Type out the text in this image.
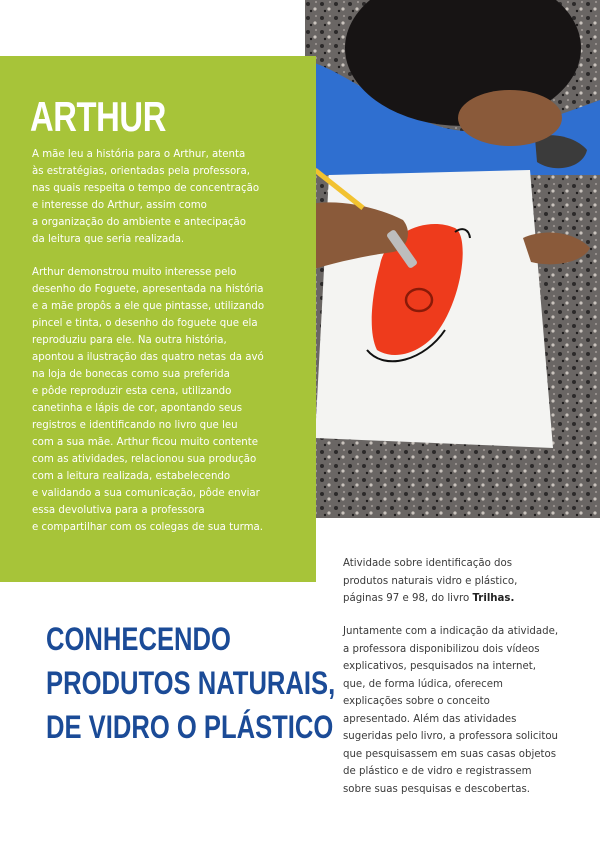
ARTHUR

A mãe leu a história para o Arthur, atenta
às estratégias, orientadas pela professora,
nas quais respeita o tempo de concentração
e interesse do Arthur, assim como
a organização do ambiente e antecipação
da leitura que seria realizada.

Arthur demonstrou muito interesse pelo
desenho do Foguete, apresentada na história
e a mãe propôs a ele que pintasse, utilizando
pincel e tinta, o desenho do foguete que ela
reproduziu para ele. Na outra história,
apontou a ilustração das quatro netas da avó
na loja de bonecas como sua preferida
e pôde reproduzir esta cena, utilizando
canetinha e lápis de cor, apontando seus
registros e identificando no livro que leu
com a sua mãe. Arthur ficou muito contente
com as atividades, relacionou sua produção
com a leitura realizada, estabelecendo
e validando a sua comunicação, pôde enviar
essa devolutiva para a professora
e compartilhar com os colegas de sua turma.

CONHECENDO
PRODUTOS NATURAIS,
DE VIDRO O PLÁSTICO

Atividade sobre identificação dos
produtos naturais vidro e plástico,
páginas 97 e 98, do livro Trilhas.

Juntamente com a indicação da atividade,
a professora disponibilizou dois vídeos
explicativos, pesquisados na internet,
que, de forma lúdica, oferecem
explicações sobre o conceito
apresentado. Além das atividades
sugeridas pelo livro, a professora solicitou
que pesquisassem em suas casas objetos
de plástico e de vidro e registrassem
sobre suas pesquisas e descobertas.
